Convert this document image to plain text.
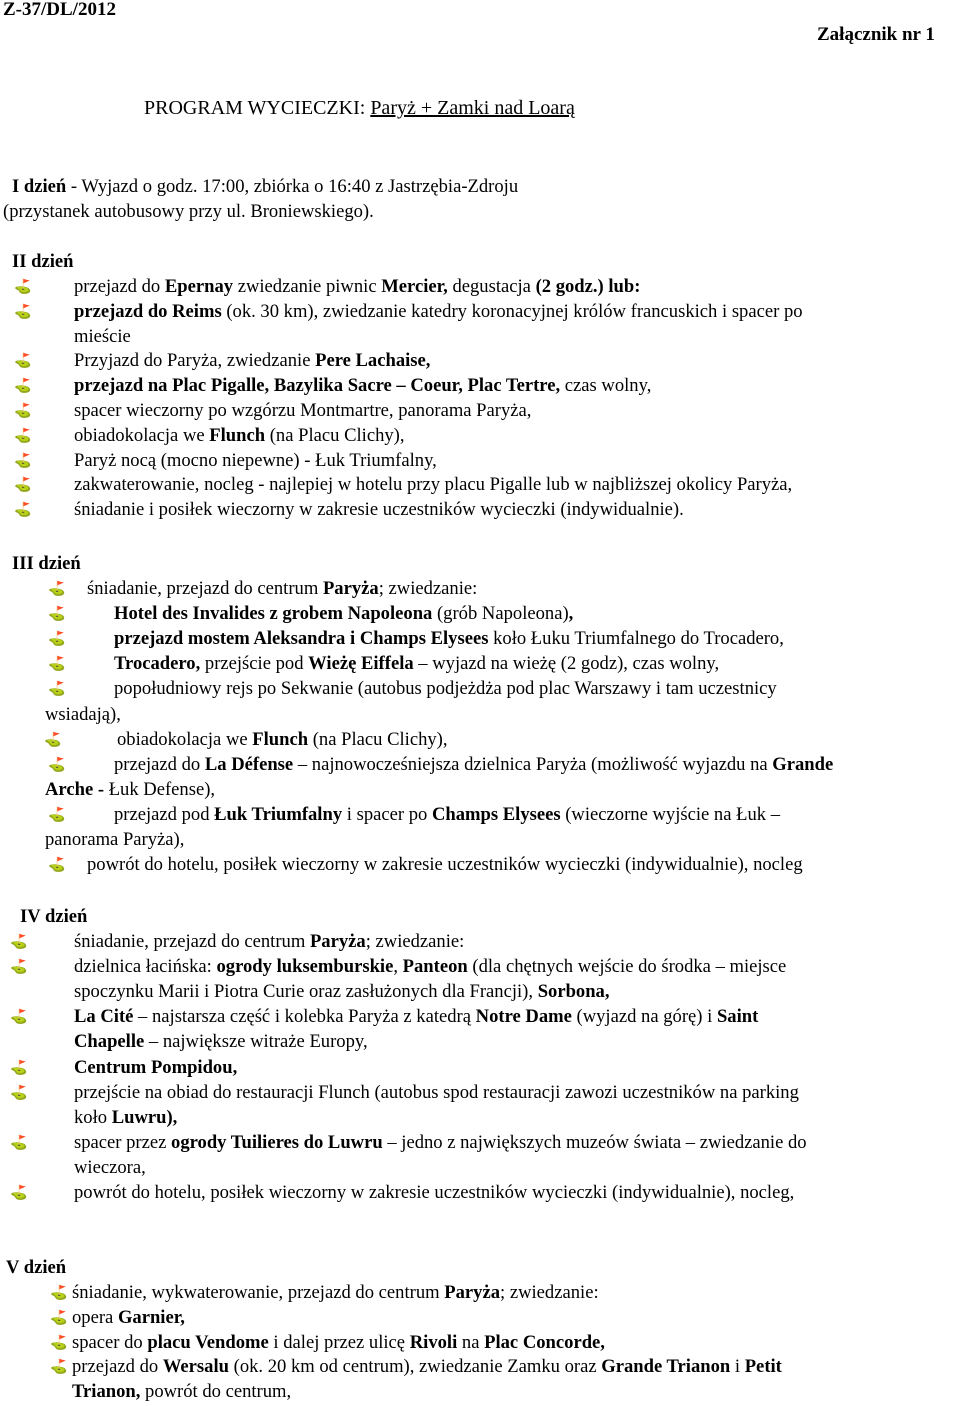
Z-37/DL/2012
Załącznik nr 1
PROGRAM WYCIECZKI: Paryż + Zamki nad Loarą
I dzień - Wyjazd o godz. 17:00, zbiórka o 16:40 z Jastrzębia-Zdroju
(przystanek autobusowy przy ul. Broniewskiego).
II dzień
⛳ przejazd do Epernay zwiedzanie piwnic Mercier, degustacja (2 godz.) lub:
⛳ przejazd do Reims (ok. 30 km), zwiedzanie katedry koronacyjnej królów francuskich i spacer po
mieście
⛳ Przyjazd do Paryża, zwiedzanie Pere Lachaise,
⛳ przejazd na Plac Pigalle, Bazylika Sacre – Coeur, Plac Tertre, czas wolny,
⛳ spacer wieczorny po wzgórzu Montmartre, panorama Paryża,
⛳ obiadokolacja we Flunch (na Placu Clichy),
⛳ Paryż nocą (mocno niepewne) - Łuk Triumfalny,
⛳ zakwaterowanie, nocleg - najlepiej w hotelu przy placu Pigalle lub w najbliższej okolicy Paryża,
⛳ śniadanie i posiłek wieczorny w zakresie uczestników wycieczki (indywidualnie).
III dzień
⛳ śniadanie, przejazd do centrum Paryża; zwiedzanie:
⛳	Hotel des Invalides z grobem Napoleona (grób Napoleona),
⛳	przejazd mostem Aleksandra i Champs Elysees koło Łuku Triumfalnego do Trocadero,
⛳	Trocadero, przejście pod Wieżę Eiffela – wyjazd na wieżę (2 godz), czas wolny,
⛳	popołudniowy rejs po Sekwanie (autobus podjeżdża pod plac Warszawy i tam uczestnicy
wsiadają),
⛳	obiadokolacja we Flunch (na Placu Clichy),
⛳	przejazd do La Défense – najnowocześniejsza dzielnica Paryża (możliwość wyjazdu na Grande
Arche - Łuk Defense),
⛳	przejazd pod Łuk Triumfalny i spacer po Champs Elysees (wieczorne wyjście na Łuk –
panorama Paryża),
⛳ powrót do hotelu, posiłek wieczorny w zakresie uczestników wycieczki (indywidualnie), nocleg
IV dzień
⛳	śniadanie, przejazd do centrum Paryża; zwiedzanie:
⛳	dzielnica łacińska: ogrody luksemburskie, Panteon (dla chętnych wejście do środka – miejsce
spoczynku Marii i Piotra Curie oraz zasłużonych dla Francji), Sorbona,
⛳	La Cité – najstarsza część i kolebka Paryża z katedrą Notre Dame (wyjazd na górę) i Saint
Chapelle – największe witraże Europy,
⛳	Centrum Pompidou,
⛳	przejście na obiad do restauracji Flunch (autobus spod restauracji zawozi uczestników na parking
koło Luwru),
⛳	spacer przez ogrody Tuilieres do Luwru – jedno z największych muzeów świata – zwiedzanie do
wieczora,
⛳	powrót do hotelu, posiłek wieczorny w zakresie uczestników wycieczki (indywidualnie), nocleg,
V dzień
⛳ śniadanie, wykwaterowanie, przejazd do centrum Paryża; zwiedzanie:
⛳ opera Garnier,
⛳ spacer do placu Vendome i dalej przez ulicę Rivoli na Plac Concorde,
⛳ przejazd do Wersalu (ok. 20 km od centrum), zwiedzanie Zamku oraz Grande Trianon i Petit
Trianon, powrót do centrum,
